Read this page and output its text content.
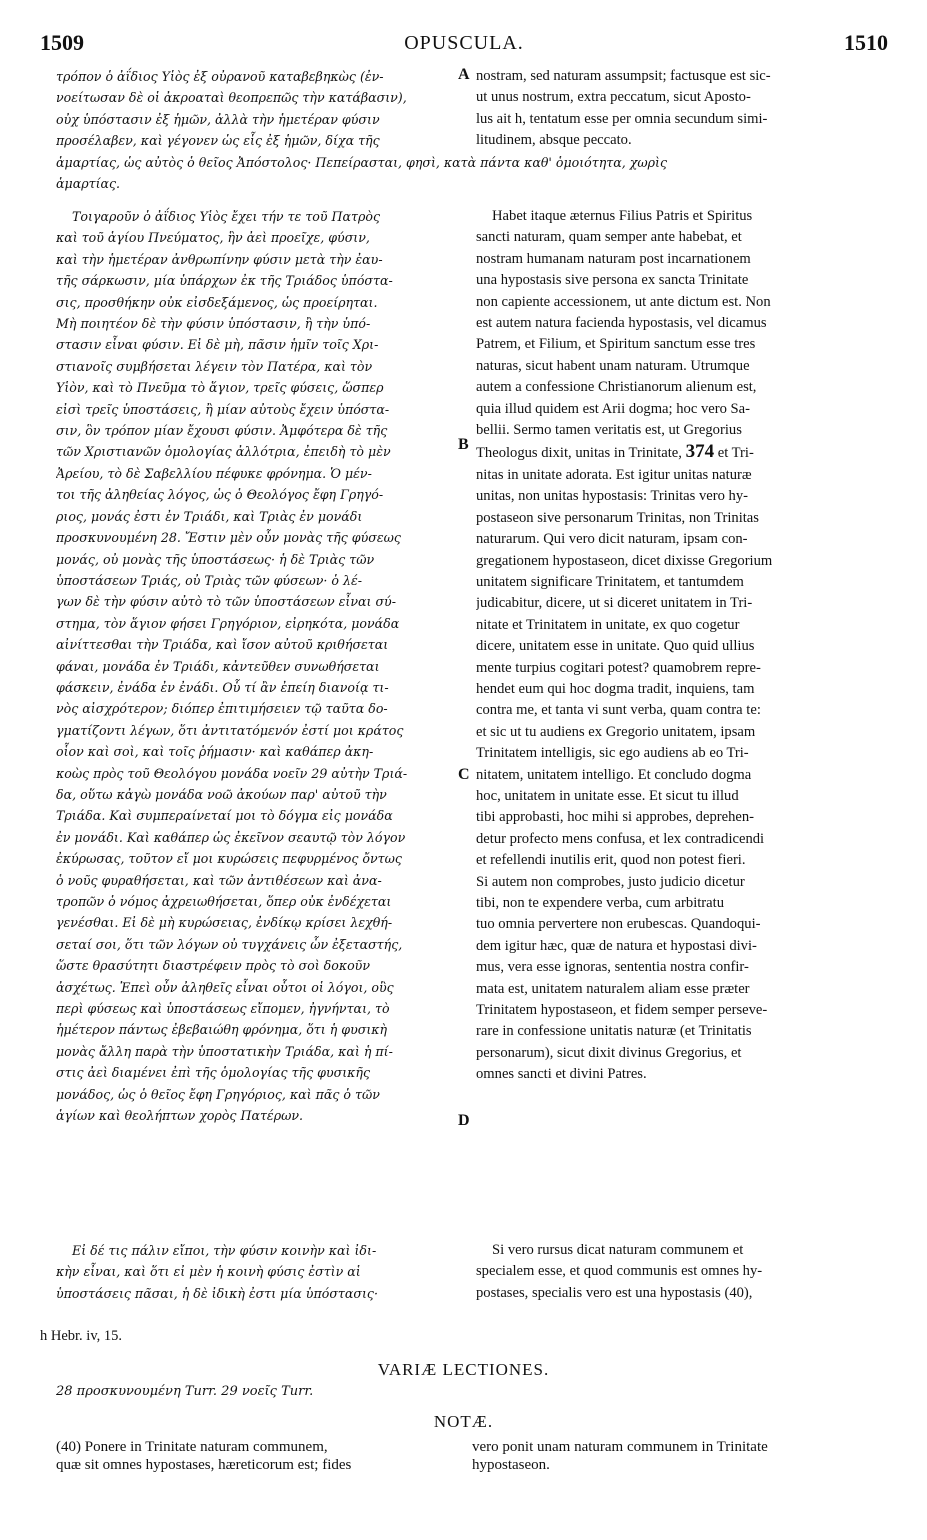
1509	OPUSCULA.	1510
τρόπον ὁ ἀΐδιος Υἱὸς ἐξ οὐρανοῦ καταβεβηκὼς (ἐν-
νοείτωσαν δὲ οἱ ἀκροαταὶ θεοπρεπῶς τὴν κατάβασιν),
οὐχ ὑπόστασιν ἐξ ἡμῶν, ἀλλὰ τὴν ἡμετέραν φύσιν
προσέλαβεν, καὶ γέγονεν ὡς εἷς ἐξ ἡμῶν, δίχα τῆς
A nostram, sed naturam assumpsit; factusque est sic-
ut unus nostrum, extra peccatum, sicut Aposto-
lus ait h, tentatum esse per omnia secundum simi-
litudinem, absque peccato.
ἁμαρτίας, ὡς αὐτὸς ὁ θεῖος Ἀπόστολος· Πεπείρασται, φησὶ, κατὰ πάντα καθ' ὁμοιότητα, χωρὶς
ἁμαρτίας.
Τοιγαροῦν ὁ ἀΐδιος Υἱὸς ἔχει τήν τε τοῦ Πατρὸς
καὶ τοῦ ἁγίου Πνεύματος, ἣν ἀεὶ προεῖχε, φύσιν,
καὶ τὴν ἡμετέραν ἀνθρωπίνην φύσιν μετὰ τὴν ἐαυ-
τῆς σάρκωσιν, μία ὑπάρχων ἐκ τῆς Τριάδος ὑπόστα-
σις, προσθήκην οὐκ εἰσδεξάμενος, ὡς προείρηται.
Μὴ ποιητέον δὲ τὴν φύσιν ὑπόστασιν, ἢ τὴν ὑπό-
στασιν εἶναι φύσιν. Εἰ δὲ μὴ, πᾶσιν ἡμῖν τοῖς Χρι-
στιανοῖς συμβήσεται λέγειν τὸν Πατέρα, καὶ τὸν
Υἱὸν, καὶ τὸ Πνεῦμα τὸ ἅγιον, τρεῖς φύσεις, ὥσπερ
εἰσὶ τρεῖς ὑποστάσεις, ἢ μίαν αὐτοὺς ἔχειν ὑπόστα-
σιν, ὃν τρόπον μίαν ἔχουσι φύσιν. Ἀμφότερα δὲ τῆς
τῶν Χριστιανῶν ὁμολογίας ἀλλότρια, ἐπειδὴ τὸ μὲν
Ἀρείου, τὸ δὲ Σαβελλίου πέφυκε φρόνημα. Ὁ μέν-
τοι τῆς ἀληθείας λόγος, ὡς ὁ Θεολόγος ἔφη Γρηγό-
ριος, μονάς ἐστι ἐν Τριάδι, καὶ Τριὰς ἐν μονάδι
προσκυνουμένη 28. Ἔστιν μὲν οὖν μονὰς τῆς φύσεως
μονάς, οὐ μονὰς τῆς ὑποστάσεως· ἡ δὲ Τριὰς τῶν
ὑποστάσεων Τριάς, οὐ Τριὰς τῶν φύσεων· ὁ λέ-
γων δὲ τὴν φύσιν αὐτὸ τὸ τῶν ὑποστάσεων εἶναι σύ-
στημα, τὸν ἅγιον φήσει Γρηγόριον, εἰρηκότα, μονάδα
αἰνίττεσθαι τὴν Τριάδα, καὶ ἴσον αὐτοῦ κριθήσεται
φάναι, μονάδα ἐν Τριάδι, κἀντεῦθεν συνωθήσεται
φάσκειν, ἐνάδα ἐν ἐνάδι. Οὗ τί ἂν ἐπείη διανοίᾳ τι-
νὸς αἰσχρότερον; διόπερ ἐπιτιμήσειεν τῷ ταῦτα δο-
γματίζοντι λέγων, ὅτι ἀντιτατόμενόν ἐστί μοι κράτος
οἷον καὶ σοὶ, καὶ τοῖς ῥήμασιν· καὶ καθάπερ ἀκη-
κοὼς πρὸς τοῦ Θεολόγου μονάδα νοεῖν 29 αὐτὴν Τριά-
δα, οὕτω κἀγὼ μονάδα νοῶ ἀκούων παρ' αὐτοῦ τὴν
Τριάδα. Καὶ συμπεραίνεταί μοι τὸ δόγμα εἰς μονάδα
ἐν μονάδι. Καὶ καθάπερ ὡς ἐκεῖνον σεαυτῷ τὸν λόγον
ἐκύρωσας, τοῦτον εἴ μοι κυρώσεις πεφυρμένος ὄντως
ὁ νοῦς φυραθήσεται, καὶ τῶν ἀντιθέσεων καὶ ἀνα-
τροπῶν ὁ νόμος ἀχρειωθήσεται, ὅπερ οὐκ ἐνδέχεται
γενέσθαι. Εἰ δὲ μὴ κυρώσειας, ἐνδίκῳ κρίσει λεχθή-
σεταί σοι, ὅτι τῶν λόγων οὐ τυγχάνεις ὧν ἐξεταστής,
ὥστε θρασύτητι διαστρέφειν πρὸς τὸ σοὶ δοκοῦν
ἀσχέτως. Ἐπεὶ οὖν ἀληθεῖς εἶναι οὗτοι οἱ λόγοι, οὓς
περὶ φύσεως καὶ ὑποστάσεως εἴπομεν, ἠγνήνται, τὸ
ἡμέτερον πάντως ἐβεβαιώθη φρόνημα, ὅτι ἡ φυσικὴ
μονὰς ἄλλη παρὰ τὴν ὑποστατικὴν Τριάδα, καὶ ἡ πί-
στις ἀεὶ διαμένει ἐπὶ τῆς ὁμολογίας τῆς φυσικῆς
μονάδος, ὡς ὁ θεῖος ἔφη Γρηγόριος, καὶ πᾶς ὁ τῶν
ἁγίων καὶ θεολήπτων χορὸς Πατέρων.
B
C
D
Habet itaque æternus Filius Patris et Spiritus
sancti naturam, quam semper ante habebat, et
nostram humanam naturam post incarnationem
una hypostasis sive persona ex sancta Trinitate
non capiente accessionem, ut ante dictum est. Non
est autem natura facienda hypostasis, vel dicamus
Patrem, et Filium, et Spiritum sanctum esse tres
naturas, sicut habent unam naturam. Utrumque
autem a confessione Christianorum alienum est,
quia illud quidem est Arii dogma; hoc vero Sa-
bellii. Sermo tamen veritatis est, ut Gregorius
Theologus dixit, unitas in Trinitate, 374 et Tri-
nitas in unitate adorata. Est igitur unitas naturæ
unitas, non unitas hypostasis: Trinitas vero hy-
postaseon sive personarum Trinitas, non Trinitas
naturarum. Qui vero dicit naturam, ipsam con-
gregationem hypostaseon, dicet dixisse Gregorium
unitatem significare Trinitatem, et tantumdem
judicabitur, dicere, ut si diceret unitatem in Tri-
nitate et Trinitatem in unitate, ex quo cogetur
dicere, unitatem esse in unitate. Quo quid ullius
mente turpius cogitari potest? quamobrem repre-
hendet eum qui hoc dogma tradit, inquiens, tam
contra me, et tanta vi sunt verba, quam contra te:
et sic ut tu audiens ex Gregorio unitatem, ipsam
Trinitatem intelligis, sic ego audiens ab eo Tri-
nitatem, unitatem intelligo. Et concludo dogma
hoc, unitatem in unitate esse. Et sicut tu illud
tibi approbasti, hoc mihi si approbes, deprehen-
detur profecto mens confusa, et lex contradicendi
et refellendi inutilis erit, quod non potest fieri.
Si autem non comprobes, justo judicio dicetur
tibi, non te expendere verba, cum arbitratu
tuo omnia pervertere non erubescas. Quandoqui-
dem igitur hæc, quæ de natura et hypostasi divi-
mus, vera esse ignoras, sententia nostra confir-
mata est, unitatem naturalem aliam esse præter
Trinitatem hypostaseon, et fidem semper perseve-
rare in confessione unitatis naturæ (et Trinitatis
personarum), sicut dixit divinus Gregorius, et
omnes sancti et divini Patres.
Εἰ δέ τις πάλιν εἴποι, τὴν φύσιν κοινὴν καὶ ἰδι-
κὴν εἶναι, καὶ ὅτι εἰ μὲν ἡ κοινὴ φύσις ἐστὶν αἱ
ὑποστάσεις πᾶσαι, ἡ δὲ ἰδικὴ ἐστι μία ὑπόστασις·
Si vero rursus dicat naturam communem et
specialem esse, et quod communis est omnes hy-
postases, specialis vero est una hypostasis (40),
h Hebr. iv, 15.
VARIÆ LECTIONES.
28 προσκυνουμένη Turr. 29 νοεῖς Turr.
NOTÆ.
(40) Ponere in Trinitate naturam communem,
quæ sit omnes hypostases, hæreticorum est; fides
vero ponit unam naturam communem in Trinitate
hypostaseon.
